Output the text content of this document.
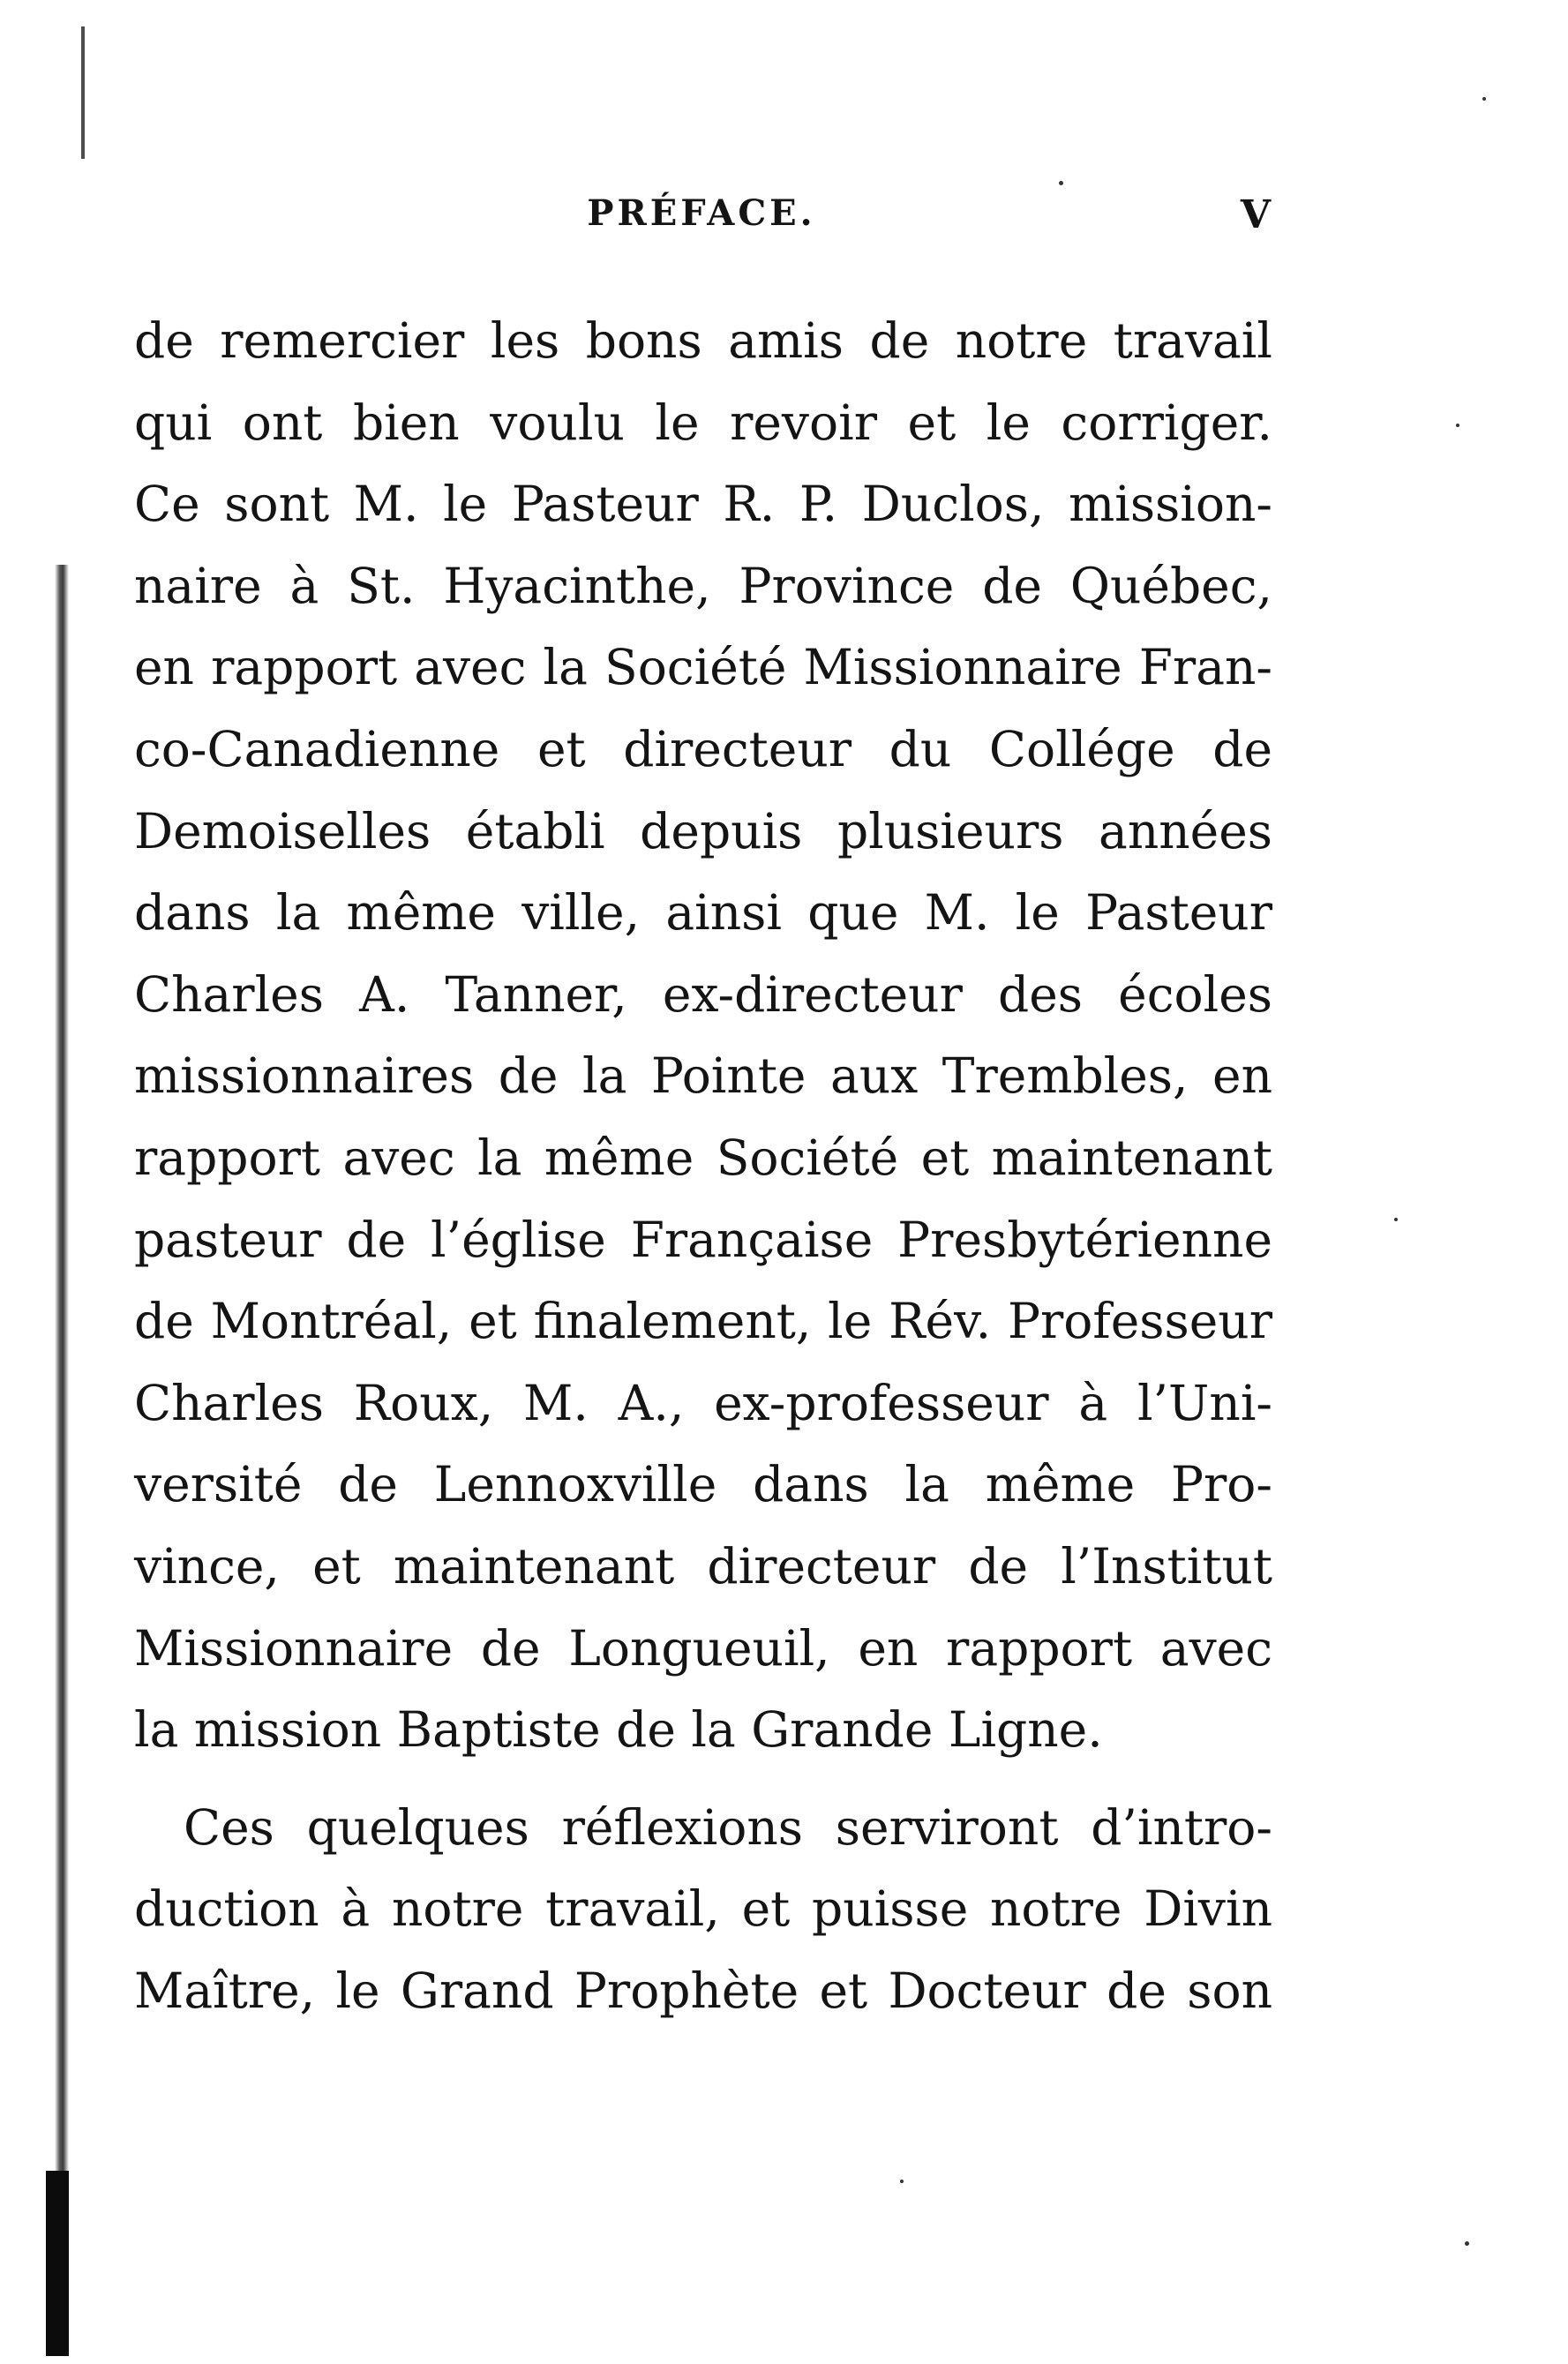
PRÉFACE.	V
de remercier les bons amis de notre travail
qui ont bien voulu le revoir et le corriger.
Ce sont M. le Pasteur R. P. Duclos, mission-
naire à St. Hyacinthe, Province de Québec,
en rapport avec la Société Missionnaire Fran-
co-Canadienne et directeur du Collége de
Demoiselles établi depuis plusieurs années
dans la même ville, ainsi que M. le Pasteur
Charles A. Tanner, ex-directeur des écoles
missionnaires de la Pointe aux Trembles, en
rapport avec la même Société et maintenant
pasteur de l’église Française Presbytérienne
de Montréal, et finalement, le Rév. Professeur
Charles Roux, M. A., ex-professeur à l’Uni-
versité de Lennoxville dans la même Pro-
vince, et maintenant directeur de l’Institut
Missionnaire de Longueuil, en rapport avec
la mission Baptiste de la Grande Ligne.
Ces quelques réflexions serviront d’intro-
duction à notre travail, et puisse notre Divin
Maître, le Grand Prophète et Docteur de son
